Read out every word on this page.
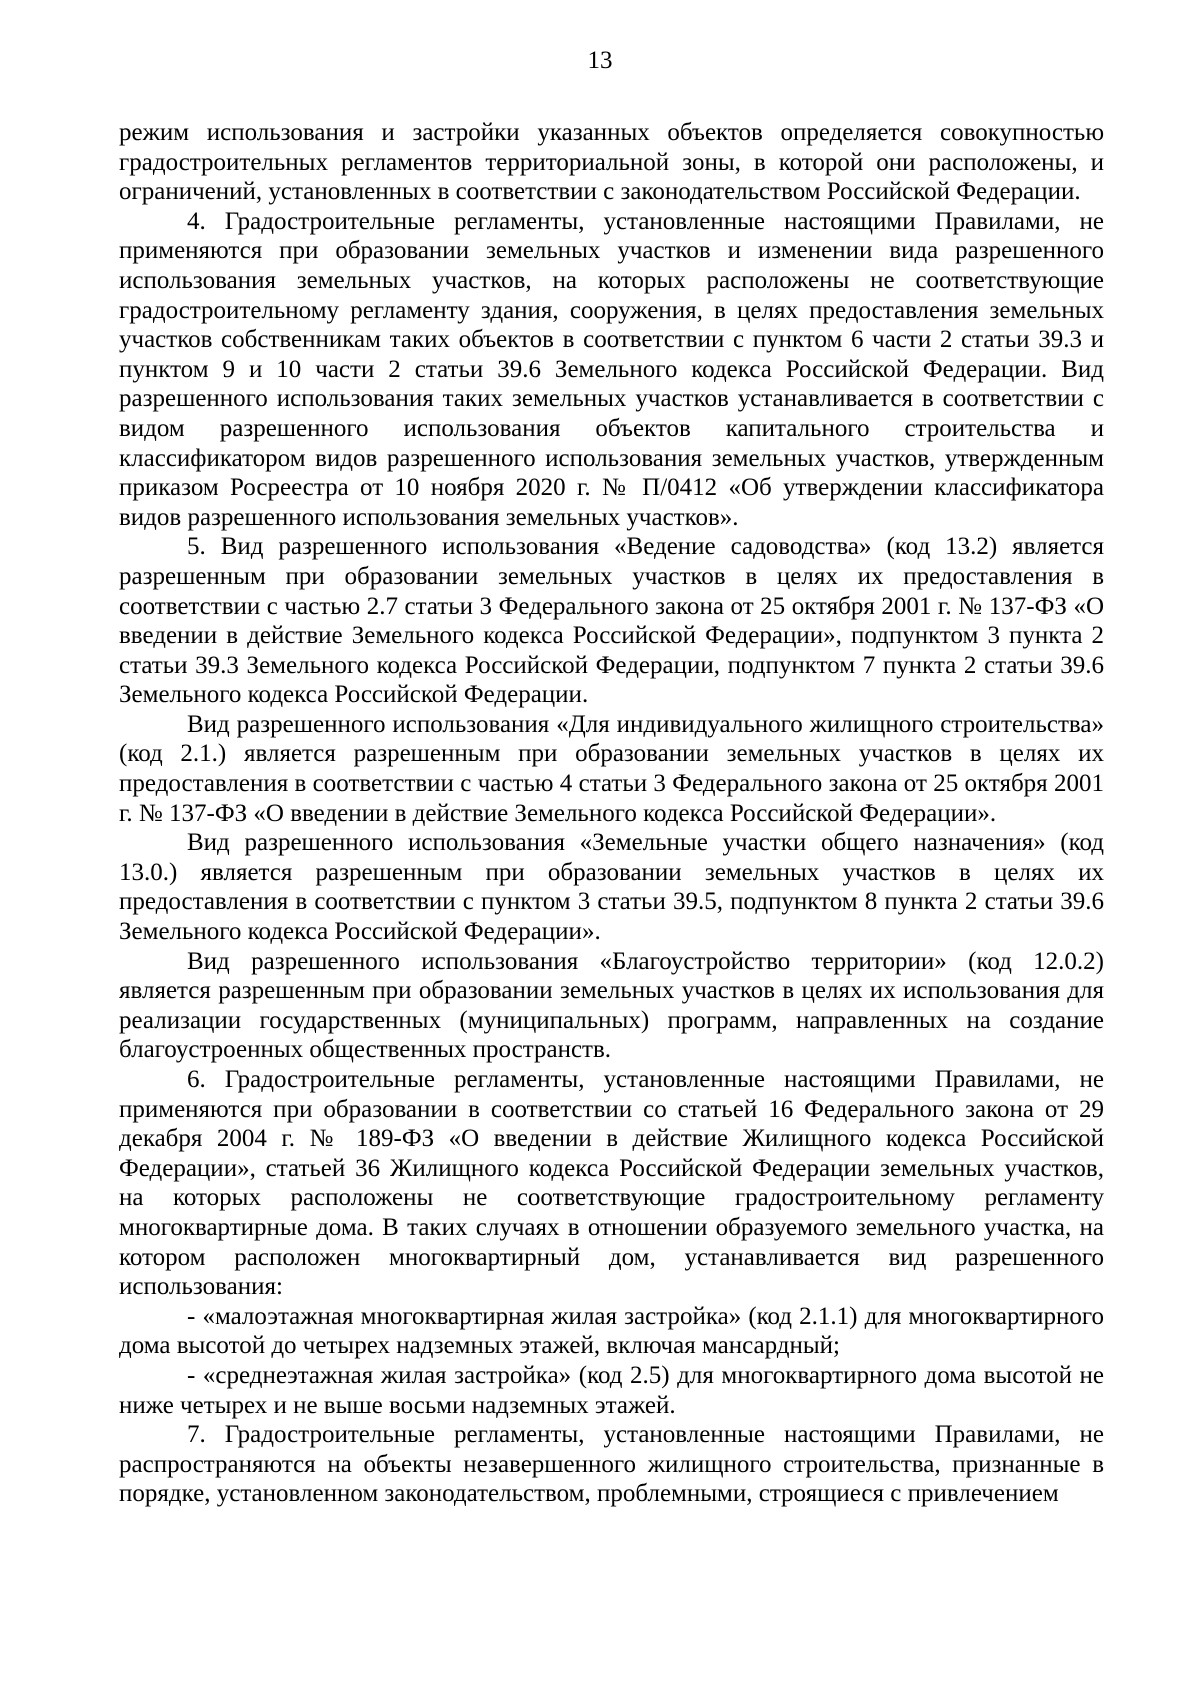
13

режим использования и застройки указанных объектов определяется совокупностью градостроительных регламентов территориальной зоны, в которой они расположены, и ограничений, установленных в соответствии с законодательством Российской Федерации.

4. Градостроительные регламенты, установленные настоящими Правилами, не применяются при образовании земельных участков и изменении вида разрешенного использования земельных участков, на которых расположены не соответствующие градостроительному регламенту здания, сооружения, в целях предоставления земельных участков собственникам таких объектов в соответствии с пунктом 6 части 2 статьи 39.3 и пунктом 9 и 10 части 2 статьи 39.6 Земельного кодекса Российской Федерации. Вид разрешенного использования таких земельных участков устанавливается в соответствии с видом разрешенного использования объектов капитального строительства и классификатором видов разрешенного использования земельных участков, утвержденным приказом Росреестра от 10 ноября 2020 г. № П/0412 «Об утверждении классификатора видов разрешенного использования земельных участков».

5. Вид разрешенного использования «Ведение садоводства» (код 13.2) является разрешенным при образовании земельных участков в целях их предоставления в соответствии с частью 2.7 статьи 3 Федерального закона от 25 октября 2001 г. № 137-ФЗ «О введении в действие Земельного кодекса Российской Федерации», подпунктом 3 пункта 2 статьи 39.3 Земельного кодекса Российской Федерации, подпунктом 7 пункта 2 статьи 39.6 Земельного кодекса Российской Федерации.

Вид разрешенного использования «Для индивидуального жилищного строительства» (код 2.1.) является разрешенным при образовании земельных участков в целях их предоставления в соответствии с частью 4 статьи 3 Федерального закона от 25 октября 2001 г. № 137-ФЗ «О введении в действие Земельного кодекса Российской Федерации».

Вид разрешенного использования «Земельные участки общего назначения» (код 13.0.) является разрешенным при образовании земельных участков в целях их предоставления в соответствии с пунктом 3 статьи 39.5, подпунктом 8 пункта 2 статьи 39.6 Земельного кодекса Российской Федерации».

Вид разрешенного использования «Благоустройство территории» (код 12.0.2) является разрешенным при образовании земельных участков в целях их использования для реализации государственных (муниципальных) программ, направленных на создание благоустроенных общественных пространств.

6. Градостроительные регламенты, установленные настоящими Правилами, не применяются при образовании в соответствии со статьей 16 Федерального закона от 29 декабря 2004 г. № 189-ФЗ «О введении в действие Жилищного кодекса Российской Федерации», статьей 36 Жилищного кодекса Российской Федерации земельных участков, на которых расположены не соответствующие градостроительному регламенту многоквартирные дома. В таких случаях в отношении образуемого земельного участка, на котором расположен многоквартирный дом, устанавливается вид разрешенного использования:

- «малоэтажная многоквартирная жилая застройка» (код 2.1.1) для многоквартирного дома высотой до четырех надземных этажей, включая мансардный;

- «среднеэтажная жилая застройка» (код 2.5) для многоквартирного дома высотой не ниже четырех и не выше восьми надземных этажей.

7. Градостроительные регламенты, установленные настоящими Правилами, не распространяются на объекты незавершенного жилищного строительства, признанные в порядке, установленном законодательством, проблемными, строящиеся с привлечением
